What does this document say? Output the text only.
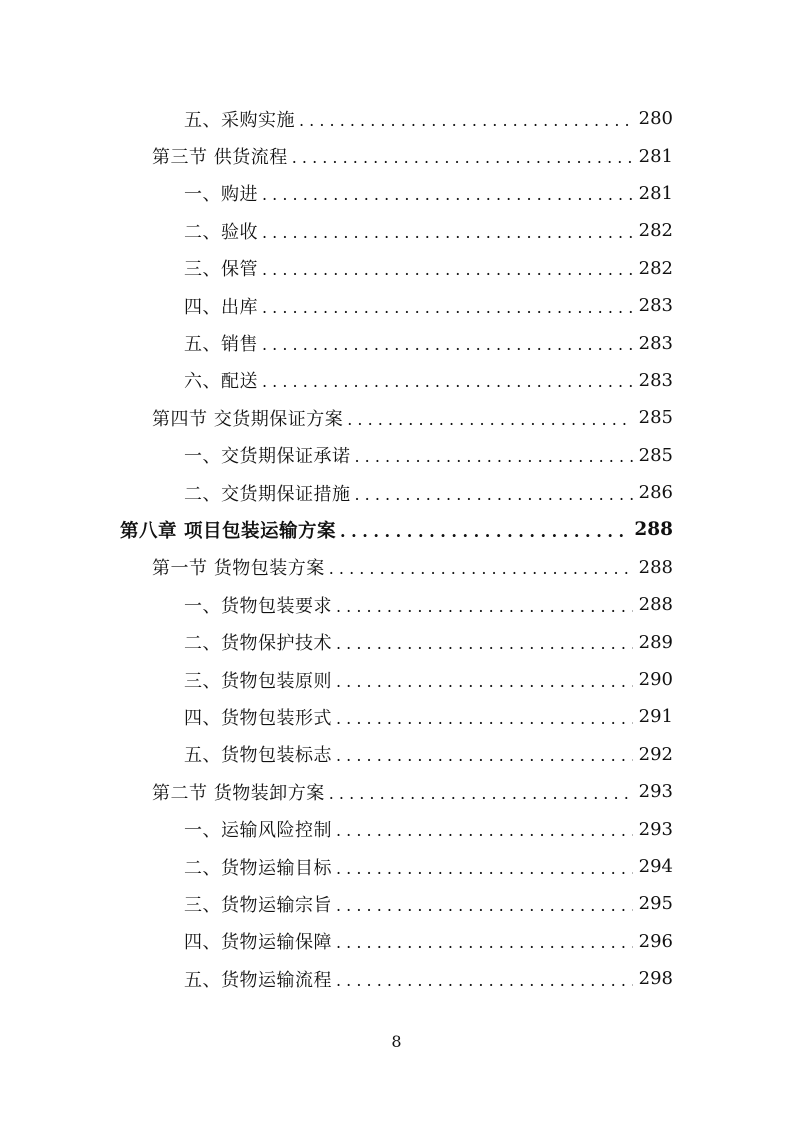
五、采购实施 . . .	280
第三节 供货流程 . . .	281
一、购进 . . .	281
二、验收 . . .	282
三、保管 . . .	282
四、出库 . . .	283
五、销售 . . .	283
六、配送 . . .	283
第四节 交货期保证方案 . . .	285
一、交货期保证承诺 . . .	285
二、交货期保证措施 . . .	286
第八章 项目包装运输方案 . . .	288
第一节 货物包装方案 . . .	288
一、货物包装要求 . . .	288
二、货物保护技术 . . .	289
三、货物包装原则 . . .	290
四、货物包装形式 . . .	291
五、货物包装标志 . . .	292
第二节 货物装卸方案 . . .	293
一、运输风险控制 . . .	293
二、货物运输目标 . . .	294
三、货物运输宗旨 . . .	295
四、货物运输保障 . . .	296
五、货物运输流程 . . .	298
8
